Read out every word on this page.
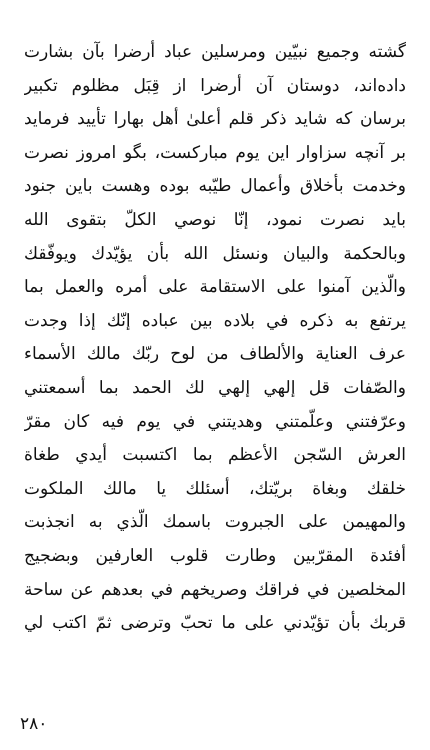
گشته وجميع نبيّين ومرسلين عباد أرضرا بآن بشارت
داده‌اند، دوستان آن أرضرا از قِبَل مظلوم تكبير
برسان كه شايد ذكر قلم أعلىٰ أهل بهارا تأييد فرمايد
بر آنچه سزاوار اين يوم مباركست، بگو امروز نصرت
وخدمت بأخلاق وأعمال طيّبه بوده وهست باين جنود
بايد نصرت نمود، إنّا نوصي الكلّ بتقوى الله
وبالحكمة والبيان ونسئل الله بأن يؤيّدك ويوفّقك
والّذين آمنوا على الاستقامة على أمره والعمل بما
يرتفع به ذكره في بلاده بين عباده إنّك إذا وجدت
عرف العناية والألطاف من لوح ربّك مالك الأسماء
والصّفات قل إلهي إلهي لك الحمد بما أسمعتني
وعرّفتني وعلّمتني وهديتني في يوم فيه كان مقرّ
العرش السّجن الأعظم بما اكتسبت أيدي طغاة
خلقك وبغاة بريّتك، أسئلك يا مالك الملكوت
والمهيمن على الجبروت باسمك الّذي به انجذبت
أفئدة المقرّبين وطارت قلوب العارفين وبضجيج
المخلصين في فراقك وصريخهم في بعدهم عن ساحة
قربك بأن تؤيّدني على ما تحبّ وترضى ثمّ اكتب لي
٢٨٠
